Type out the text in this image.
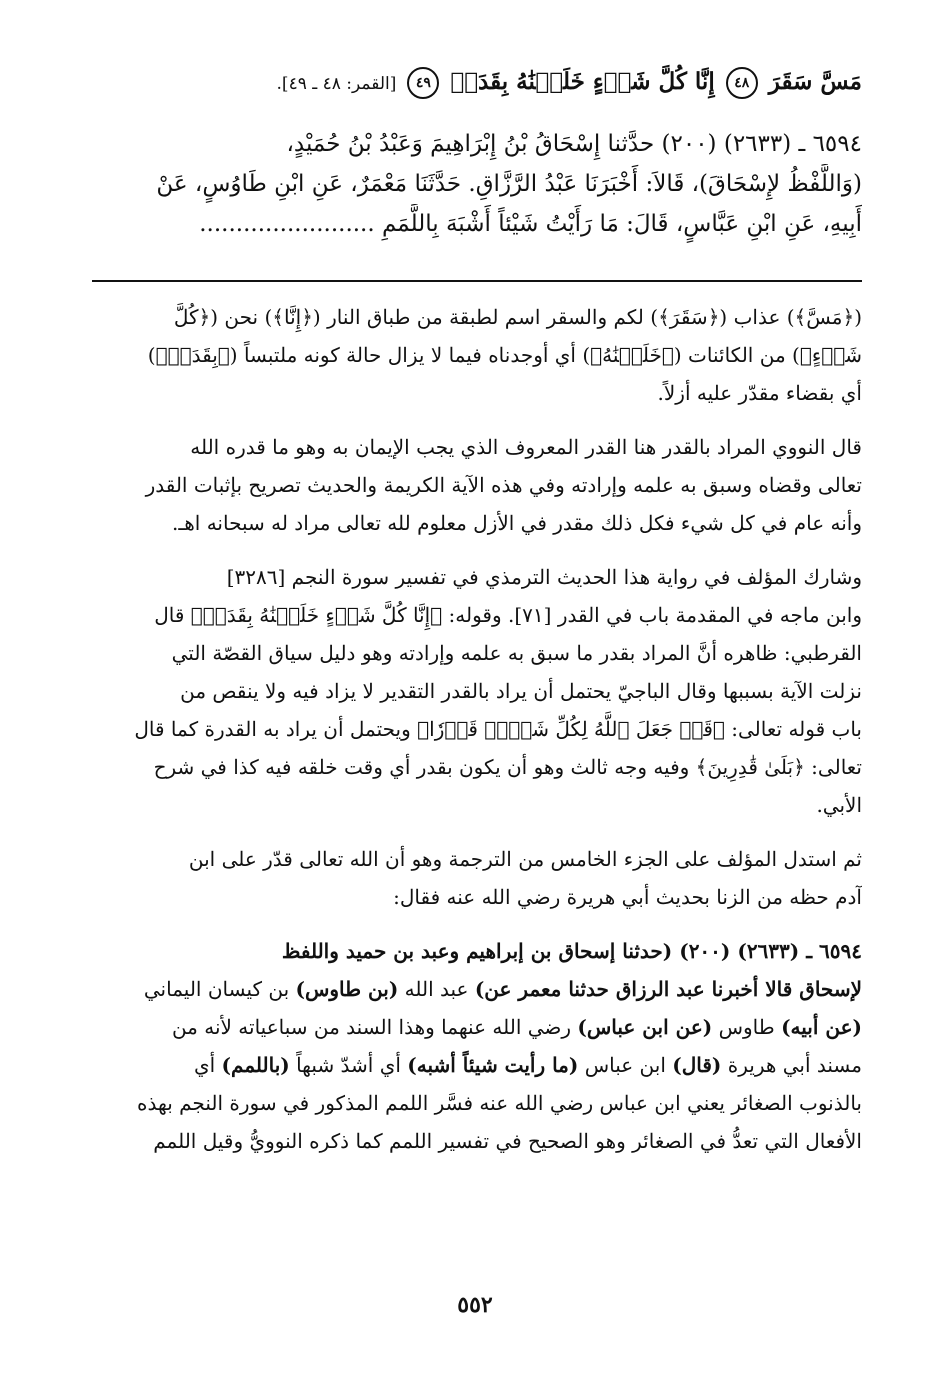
مَسَّ سَقَرَ ٤٨ إِنَّا كُلَّ شَيۡءٍ خَلَقۡنَٰهُ بِقَدَرٖ ٤٩ [القمر: ٤٨ ـ ٤٩].
٦٥٩٤ ـ (٢٦٣٣) (٢٠٠) حدَّثنا إِسْحَاقُ بْنُ إِبْرَاهِيمَ وَعَبْدُ بْنُ حُمَيْدٍ،
(وَاللَّفْظُ لإِسْحَاقَ)، قَالاَ: أَخْبَرَنَا عَبْدُ الرَّزَّاقِ. حَدَّثَنَا مَعْمَرٌ، عَنِ ابْنِ طَاوُسٍ، عَنْ
أَبِيهِ، عَنِ ابْنِ عَبَّاسٍ، قَالَ: مَا رَأَيْتُ شَيْئاً أَشْبَهَ بِاللَّمَمِ ........................
(﴿مَسَّ﴾) عذاب (﴿سَقَرَ﴾) لكم والسقر اسم لطبقة من طباق النار (﴿إِنَّا﴾) نحن (﴿كُلَّ
شَيۡءٍ﴾) من الكائنات (﴿خَلَقۡنَٰهُ﴾) أي أوجدناه فيما لا يزال حالة كونه ملتبساً (﴿بِقَدَرٖ﴾)
أي بقضاء مقدّر عليه أزلاً.
قال النووي المراد بالقدر هنا القدر المعروف الذي يجب الإيمان به وهو ما قدره الله
تعالى وقضاه وسبق به علمه وإرادته وفي هذه الآية الكريمة والحديث تصريح بإثبات القدر
وأنه عام في كل شيء فكل ذلك مقدر في الأزل معلوم لله تعالى مراد له سبحانه اهـ.
وشارك المؤلف في رواية هذا الحديث الترمذي في تفسير سورة النجم [٣٢٨٦]
وابن ماجه في المقدمة باب في القدر [٧١]. وقوله: ﴿إِنَّا كُلَّ شَيۡءٍ خَلَقۡنَٰهُ بِقَدَرٖ﴾ قال
القرطبي: ظاهره أنَّ المراد بقدر ما سبق به علمه وإرادته وهو دليل سياق القصّة التي
نزلت الآية بسببها وقال الباجيّ يحتمل أن يراد بالقدر التقدير لا يزاد فيه ولا ينقص من
باب قوله تعالى: ﴿قَدۡ جَعَلَ ٱللَّهُ لِكُلِّ شَيۡءٖ قَدۡرٗا﴾ ويحتمل أن يراد به القدرة كما قال
تعالى: ﴿بَلَىٰ قَٰدِرِينَ﴾ وفيه وجه ثالث وهو أن يكون بقدر أي وقت خلقه فيه كذا في شرح
الأبي.
ثم استدل المؤلف على الجزء الخامس من الترجمة وهو أن الله تعالى قدّر على ابن
آدم حظه من الزنا بحديث أبي هريرة رضي الله عنه فقال:
٦٥٩٤ ـ (٢٦٣٣) (٢٠٠) (حدثنا إسحاق بن إبراهيم وعبد بن حميد واللفظ
لإسحاق قالا أخبرنا عبد الرزاق حدثنا معمر عن) عبد الله (بن طاوس) بن كيسان اليماني
(عن أبيه) طاوس (عن ابن عباس) رضي الله عنهما وهذا السند من سباعياته لأنه من
مسند أبي هريرة (قال) ابن عباس (ما رأيت شيئاً أشبه) أي أشدّ شبهاً (باللمم) أي
بالذنوب الصغائر يعني ابن عباس رضي الله عنه فسَّر اللمم المذكور في سورة النجم بهذه
الأفعال التي تعدُّ في الصغائر وهو الصحيح في تفسير اللمم كما ذكره النوويُّ وقيل اللمم
٥٥٢
